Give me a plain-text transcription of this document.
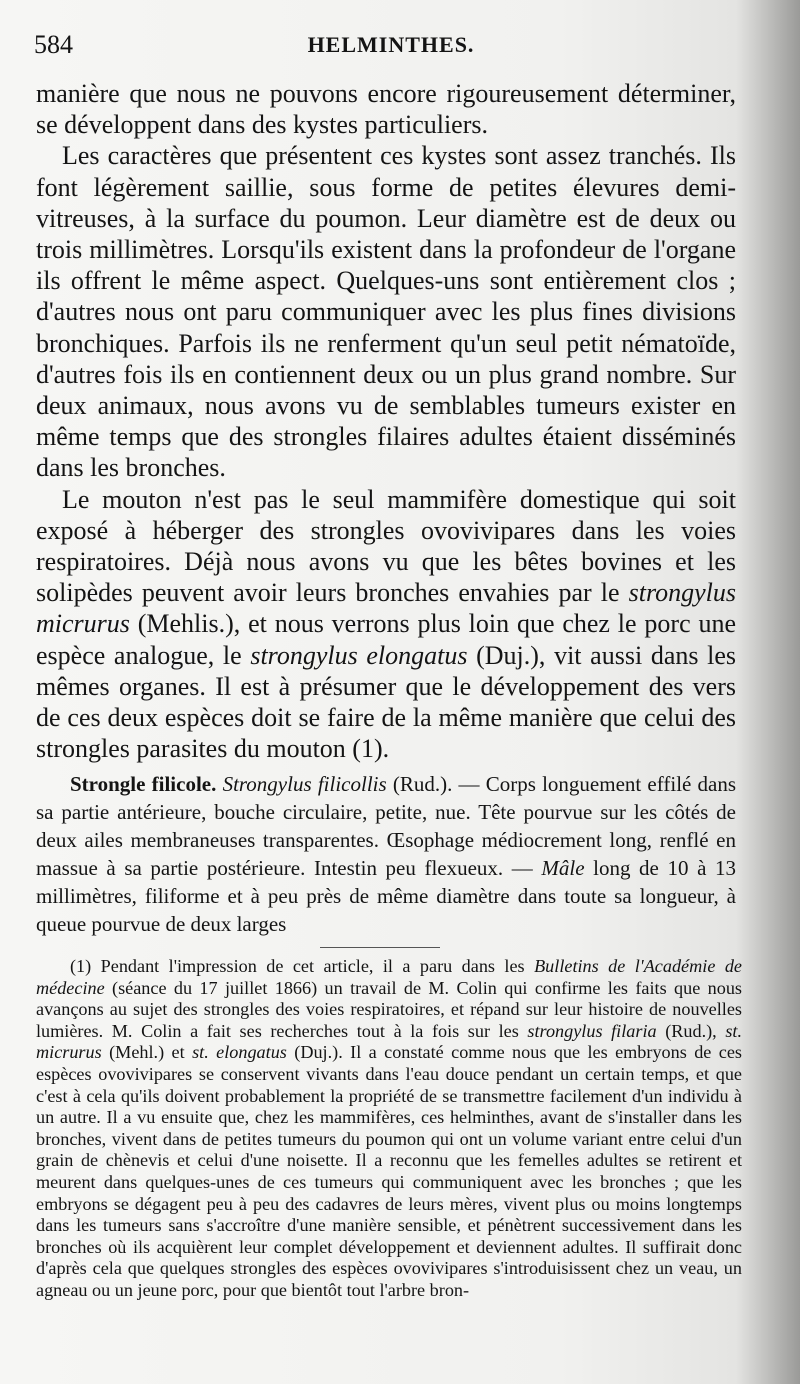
584	HELMINTHES.

manière que nous ne pouvons encore rigoureusement déterminer, se développent dans des kystes particuliers.

Les caractères que présentent ces kystes sont assez tranchés. Ils font légèrement saillie, sous forme de petites élevures demi-vitreuses, à la surface du poumon. Leur diamètre est de deux ou trois millimètres. Lorsqu'ils existent dans la profondeur de l'organe ils offrent le même aspect. Quelques-uns sont entièrement clos ; d'autres nous ont paru communiquer avec les plus fines divisions bronchiques. Parfois ils ne renferment qu'un seul petit nématoïde, d'autres fois ils en contiennent deux ou un plus grand nombre. Sur deux animaux, nous avons vu de semblables tumeurs exister en même temps que des strongles filaires adultes étaient disséminés dans les bronches.

Le mouton n'est pas le seul mammifère domestique qui soit exposé à héberger des strongles ovovivipares dans les voies respiratoires. Déjà nous avons vu que les bêtes bovines et les solipèdes peuvent avoir leurs bronches envahies par le strongylus micrurus (Mehlis.), et nous verrons plus loin que chez le porc une espèce analogue, le strongylus elongatus (Duj.), vit aussi dans les mêmes organes. Il est à présumer que le développement des vers de ces deux espèces doit se faire de la même manière que celui des strongles parasites du mouton (1).

Strongle filicole. Strongylus filicollis (Rud.). — Corps longuement effilé dans sa partie antérieure, bouche circulaire, petite, nue. Tête pourvue sur les côtés de deux ailes membraneuses transparentes. Œsophage médiocrement long, renflé en massue à sa partie postérieure. Intestin peu flexueux. — Mâle long de 10 à 13 millimètres, filiforme et à peu près de même diamètre dans toute sa longueur, à queue pourvue de deux larges

(1) Pendant l'impression de cet article, il a paru dans les Bulletins de l'Académie de médecine (séance du 17 juillet 1866) un travail de M. Colin qui confirme les faits que nous avançons au sujet des strongles des voies respiratoires, et répand sur leur histoire de nouvelles lumières. M. Colin a fait ses recherches tout à la fois sur les strongylus filaria (Rud.), st. micrurus (Mehl.) et st. elongatus (Duj.). Il a constaté comme nous que les embryons de ces espèces ovovivipares se conservent vivants dans l'eau douce pendant un certain temps, et que c'est à cela qu'ils doivent probablement la propriété de se transmettre facilement d'un individu à un autre. Il a vu ensuite que, chez les mammifères, ces helminthes, avant de s'installer dans les bronches, vivent dans de petites tumeurs du poumon qui ont un volume variant entre celui d'un grain de chènevis et celui d'une noisette. Il a reconnu que les femelles adultes se retirent et meurent dans quelques-unes de ces tumeurs qui communiquent avec les bronches ; que les embryons se dégagent peu à peu des cadavres de leurs mères, vivent plus ou moins longtemps dans les tumeurs sans s'accroître d'une manière sensible, et pénètrent successivement dans les bronches où ils acquièrent leur complet développement et deviennent adultes. Il suffirait donc d'après cela que quelques strongles des espèces ovovivipares s'introduisissent chez un veau, un agneau ou un jeune porc, pour que bientôt tout l'arbre bron-
